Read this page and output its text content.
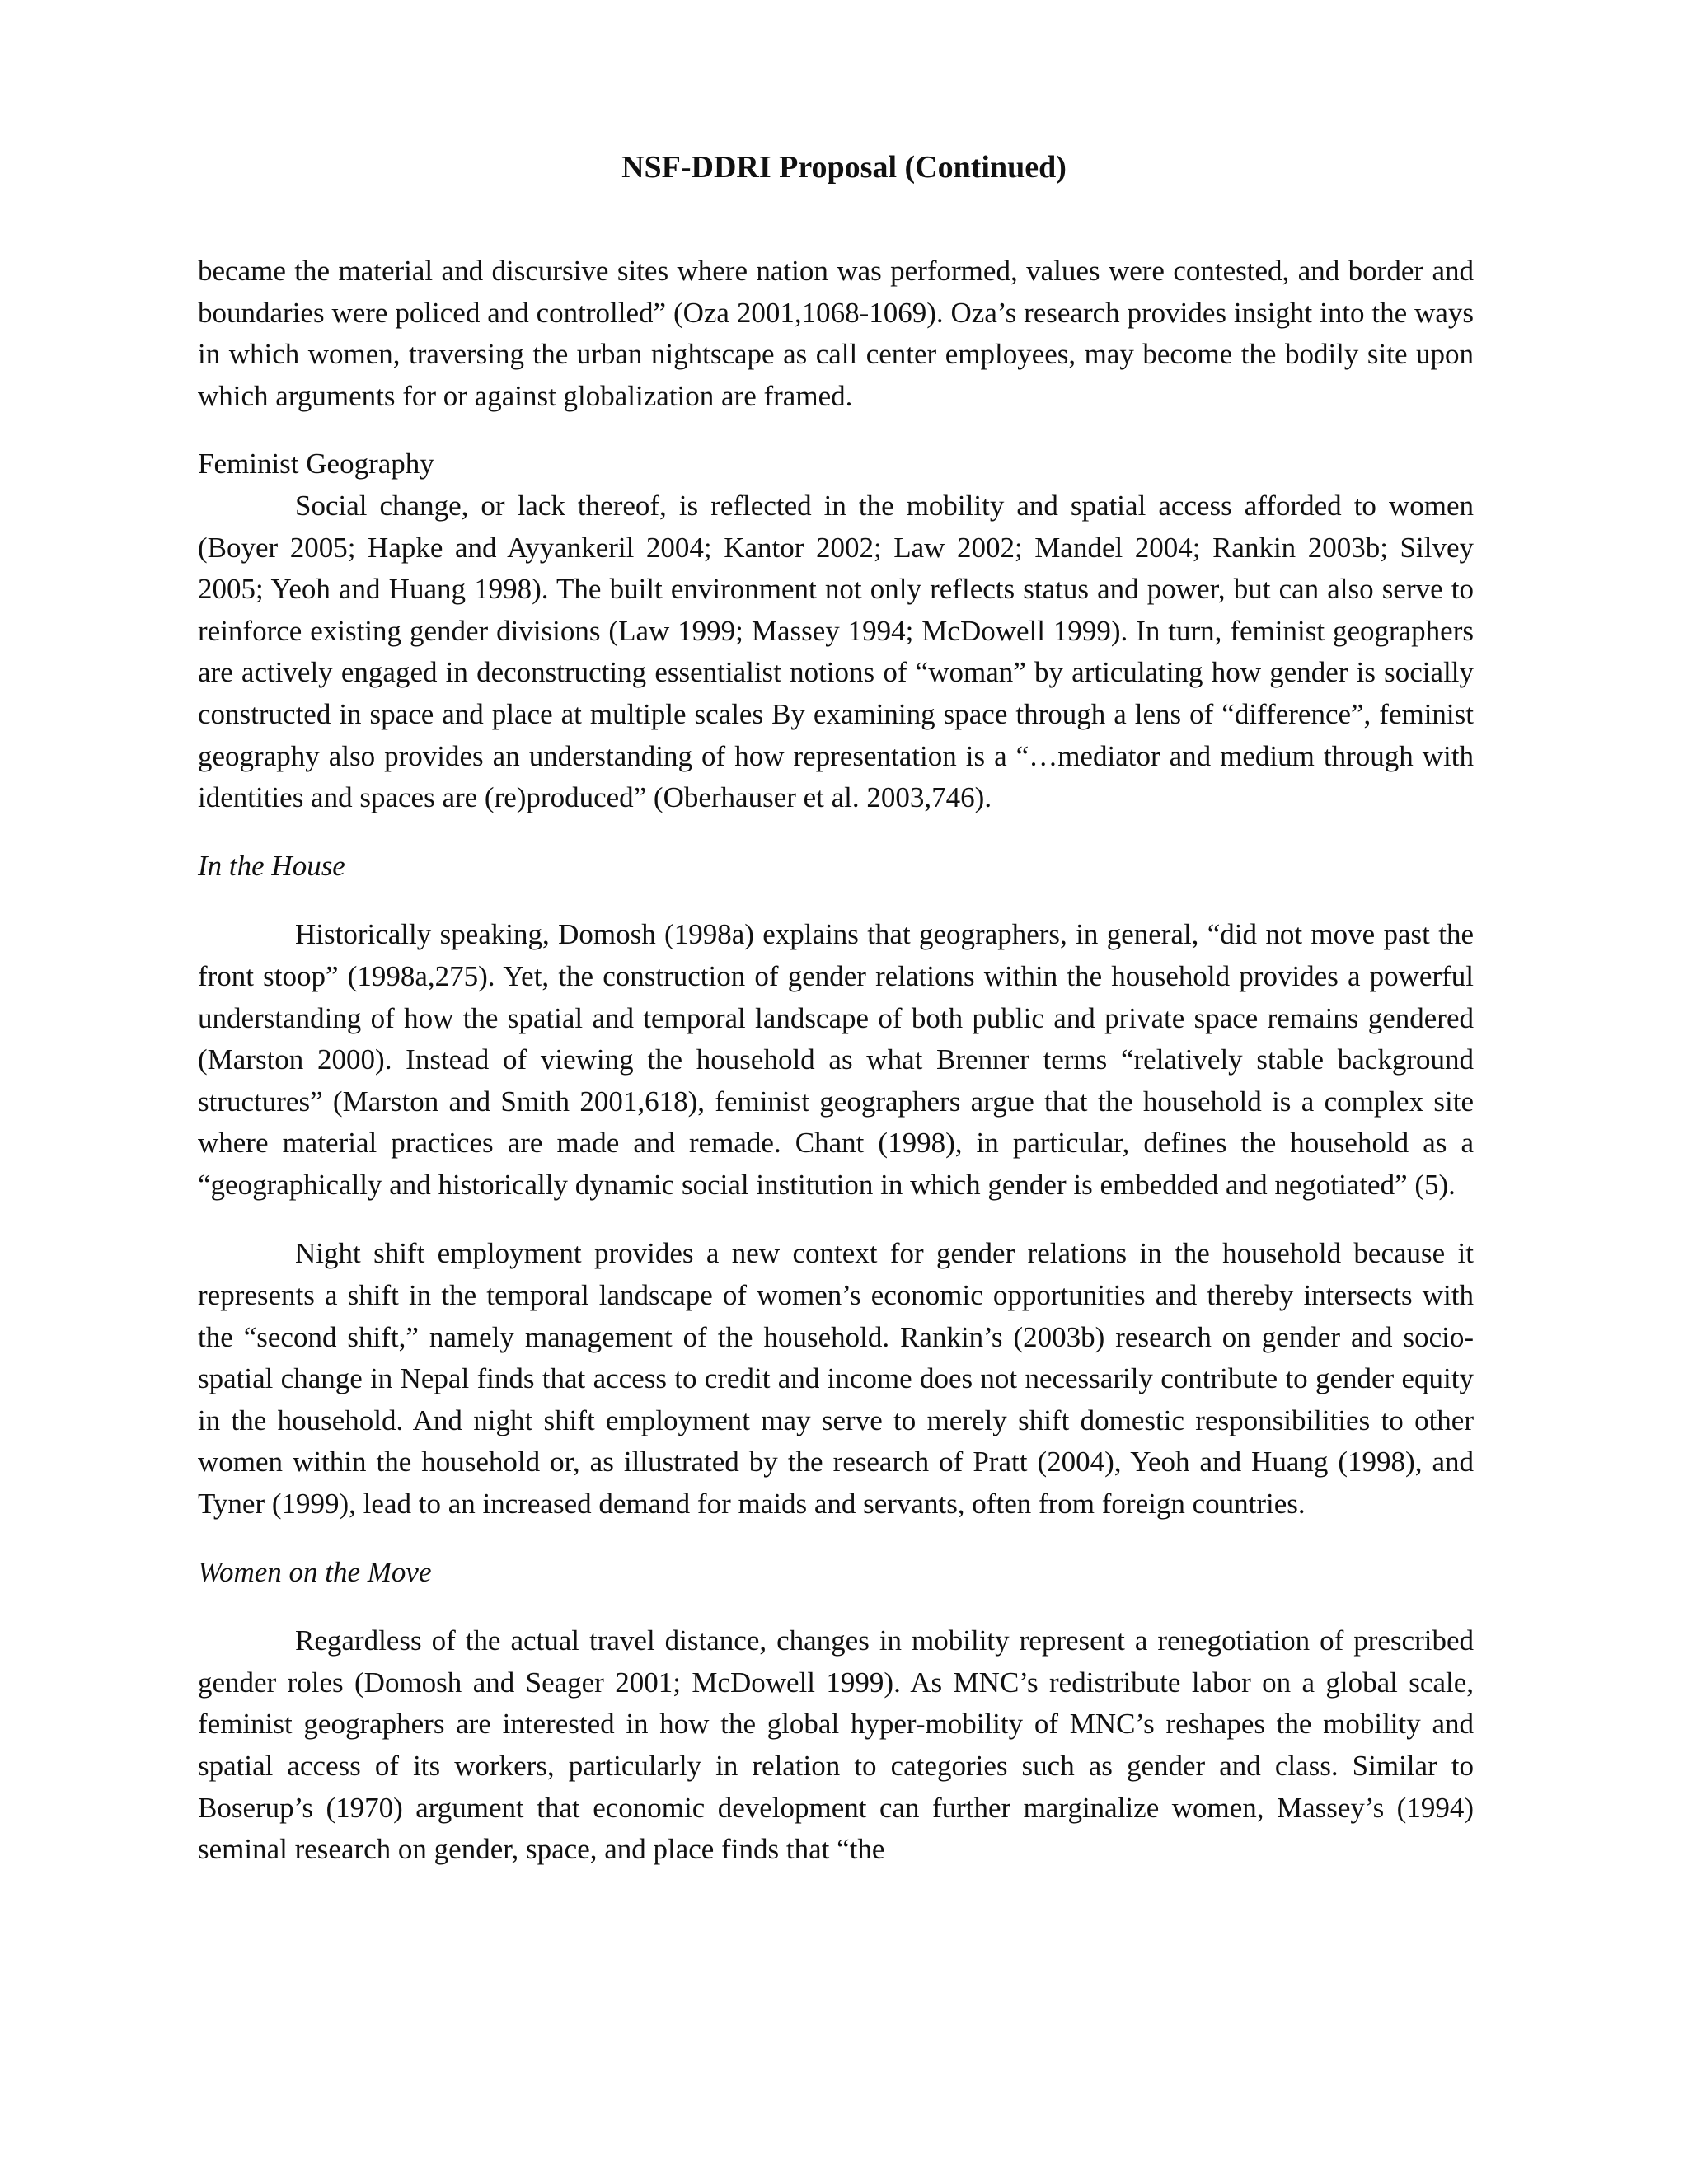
NSF-DDRI Proposal (Continued)

became the material and discursive sites where nation was performed, values were contested, and border and boundaries were policed and controlled” (Oza 2001,1068-1069). Oza’s research provides insight into the ways in which women, traversing the urban nightscape as call center employees, may become the bodily site upon which arguments for or against globalization are framed.

Feminist Geography

Social change, or lack thereof, is reflected in the mobility and spatial access afforded to women (Boyer 2005; Hapke and Ayyankeril 2004; Kantor 2002; Law 2002; Mandel 2004; Rankin 2003b; Silvey 2005; Yeoh and Huang 1998). The built environment not only reflects status and power, but can also serve to reinforce existing gender divisions (Law 1999; Massey 1994; McDowell 1999). In turn, feminist geographers are actively engaged in deconstructing essentialist notions of “woman” by articulating how gender is socially constructed in space and place at multiple scales By examining space through a lens of “difference”, feminist geography also provides an understanding of how representation is a “…mediator and medium through with identities and spaces are (re)produced” (Oberhauser et al. 2003,746).

In the House

Historically speaking, Domosh (1998a) explains that geographers, in general, “did not move past the front stoop” (1998a,275). Yet, the construction of gender relations within the household provides a powerful understanding of how the spatial and temporal landscape of both public and private space remains gendered (Marston 2000). Instead of viewing the household as what Brenner terms “relatively stable background structures” (Marston and Smith 2001,618), feminist geographers argue that the household is a complex site where material practices are made and remade. Chant (1998), in particular, defines the household as a “geographically and historically dynamic social institution in which gender is embedded and negotiated” (5).

Night shift employment provides a new context for gender relations in the household because it represents a shift in the temporal landscape of women’s economic opportunities and thereby intersects with the “second shift,” namely management of the household. Rankin’s (2003b) research on gender and socio-spatial change in Nepal finds that access to credit and income does not necessarily contribute to gender equity in the household. And night shift employment may serve to merely shift domestic responsibilities to other women within the household or, as illustrated by the research of Pratt (2004), Yeoh and Huang (1998), and Tyner (1999), lead to an increased demand for maids and servants, often from foreign countries.

Women on the Move

Regardless of the actual travel distance, changes in mobility represent a renegotiation of prescribed gender roles (Domosh and Seager 2001; McDowell 1999). As MNC’s redistribute labor on a global scale, feminist geographers are interested in how the global hyper-mobility of MNC’s reshapes the mobility and spatial access of its workers, particularly in relation to categories such as gender and class. Similar to Boserup’s (1970) argument that economic development can further marginalize women, Massey’s (1994) seminal research on gender, space, and place finds that “the
